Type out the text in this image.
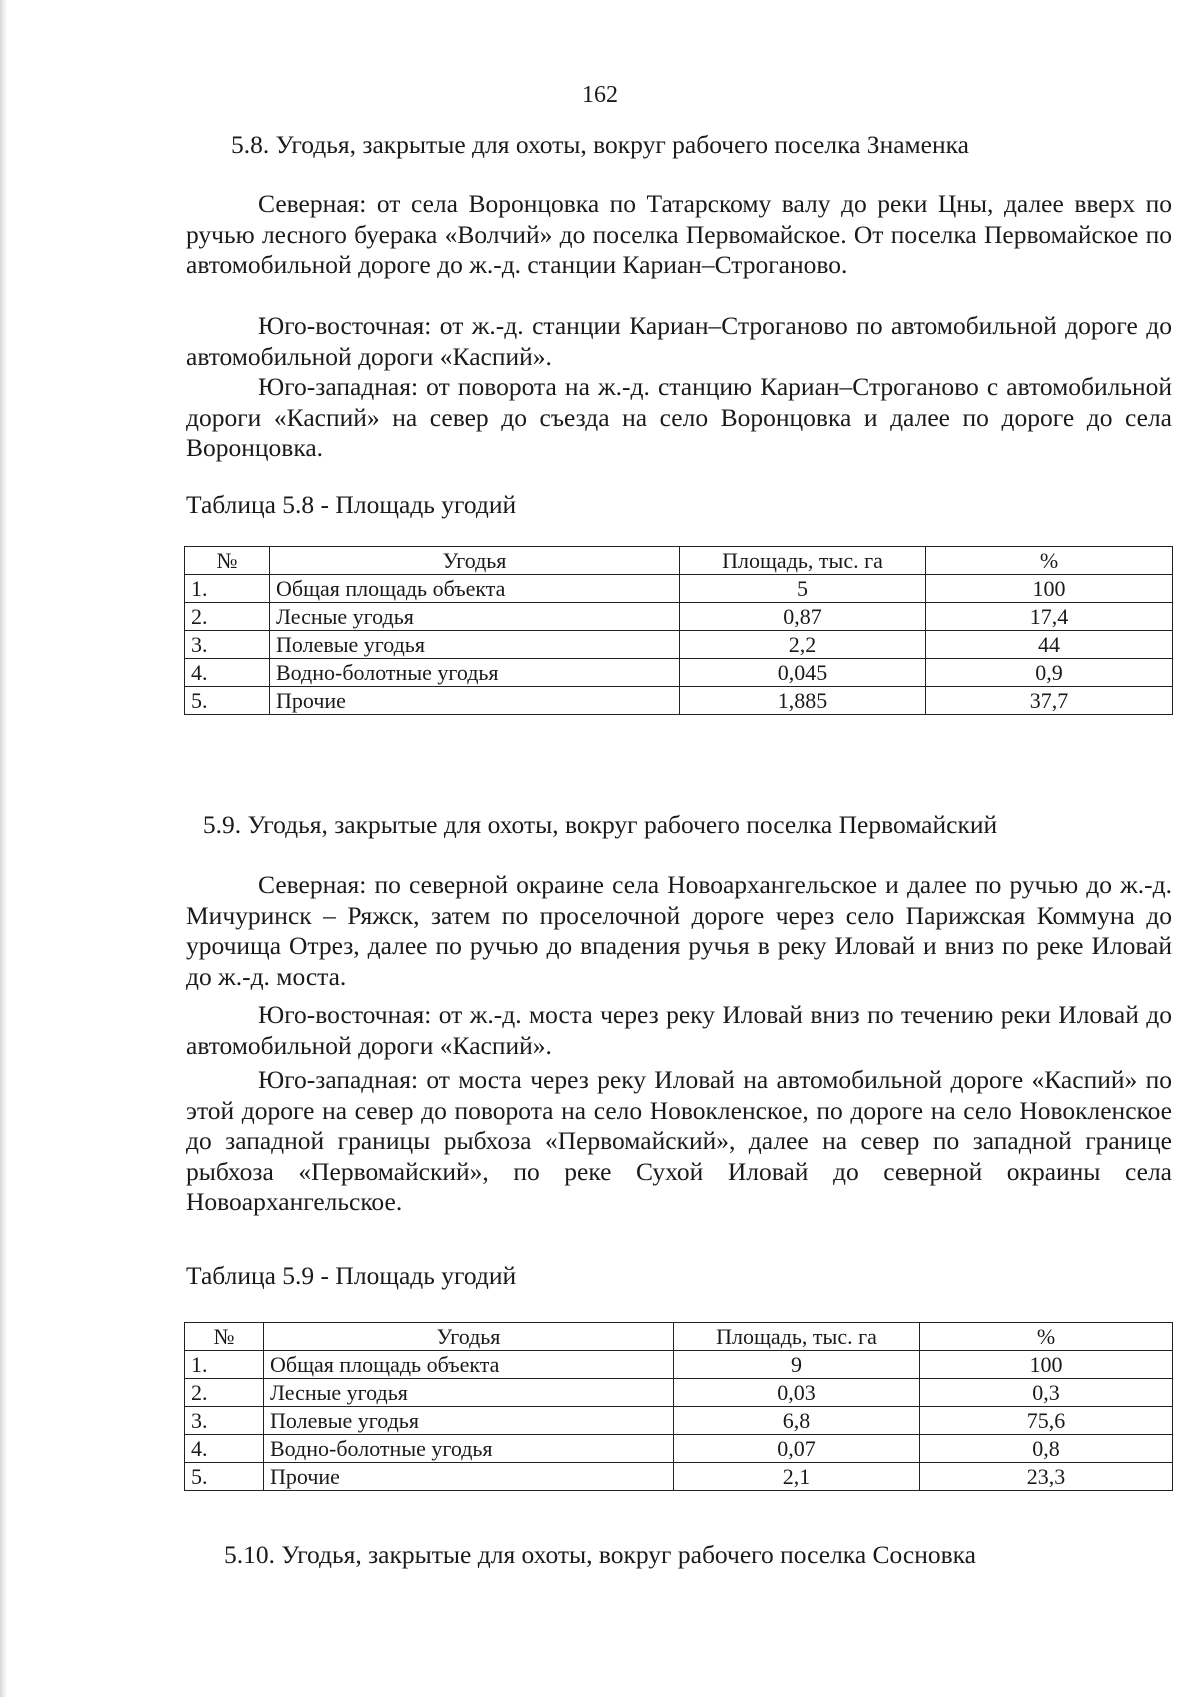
162
5.8. Угодья, закрытые для охоты, вокруг рабочего поселка Знаменка

Северная: от села Воронцовка по Татарскому валу до реки Цны, далее вверх по ручью лесного буерака «Волчий» до поселка Первомайское. От поселка Первомайское по автомобильной дороге до ж.-д. станции Кариан–Строганово.

Юго-восточная: от ж.-д. станции Кариан–Строганово по автомобильной дороге до автомобильной дороги «Каспий».

Юго-западная: от поворота на ж.-д. станцию Кариан–Строганово с автомобильной дороги «Каспий» на север до съезда на село Воронцовка и далее по дороге до села Воронцовка.

Таблица 5.8 - Площадь угодий
№	Угодья	Площадь, тыс. га	%
1.	Общая площадь объекта	5	100
2.	Лесные угодья	0,87	17,4
3.	Полевые угодья	2,2	44
4.	Водно-болотные угодья	0,045	0,9
5.	Прочие	1,885	37,7
5.9. Угодья, закрытые для охоты, вокруг рабочего поселка Первомайский

Северная: по северной окраине села Новоархангельское и далее по ручью до ж.-д. Мичуринск – Ряжск, затем по проселочной дороге через село Парижская Коммуна до урочища Отрез, далее по ручью до впадения ручья в реку Иловай и вниз по реке Иловай до ж.-д. моста.

Юго-восточная: от ж.-д. моста через реку Иловай вниз по течению реки Иловай до автомобильной дороги «Каспий».

Юго-западная: от моста через реку Иловай на автомобильной дороге «Каспий» по этой дороге на север до поворота на село Новокленское, по дороге на село Новокленское до западной границы рыбхоза «Первомайский», далее на север по западной границе рыбхоза «Первомайский», по реке Сухой Иловай до северной окраины села Новоархангельское.

Таблица 5.9 - Площадь угодий
№	Угодья	Площадь, тыс. га	%
1.	Общая площадь объекта	9	100
2.	Лесные угодья	0,03	0,3
3.	Полевые угодья	6,8	75,6
4.	Водно-болотные угодья	0,07	0,8
5.	Прочие	2,1	23,3
5.10. Угодья, закрытые для охоты, вокруг рабочего поселка Сосновка
